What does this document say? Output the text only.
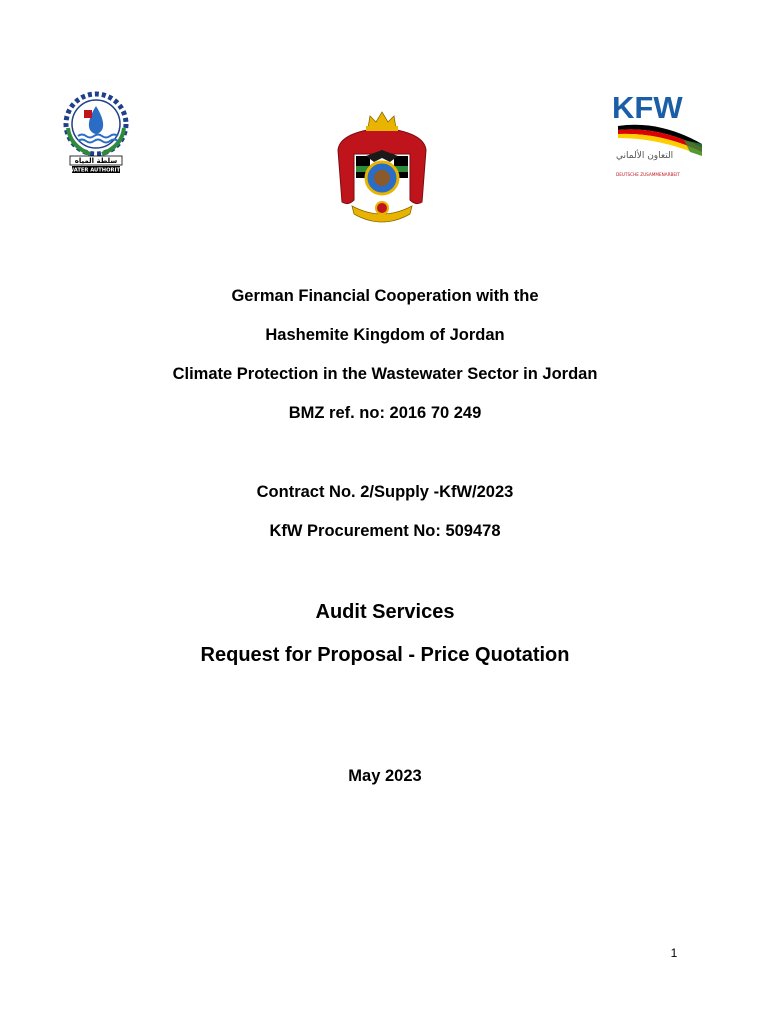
سلطة المياه
WATER AUTHORITY
KFW
التعاون الألماني
DEUTSCHE ZUSAMMENARBEIT
German Financial Cooperation with the
Hashemite Kingdom of Jordan
Climate Protection in the Wastewater Sector in Jordan
BMZ ref. no: 2016 70 249
Contract No. 2/Supply -KfW/2023
KfW Procurement No: 509478
Audit Services
Request for Proposal - Price Quotation
May 2023
1
